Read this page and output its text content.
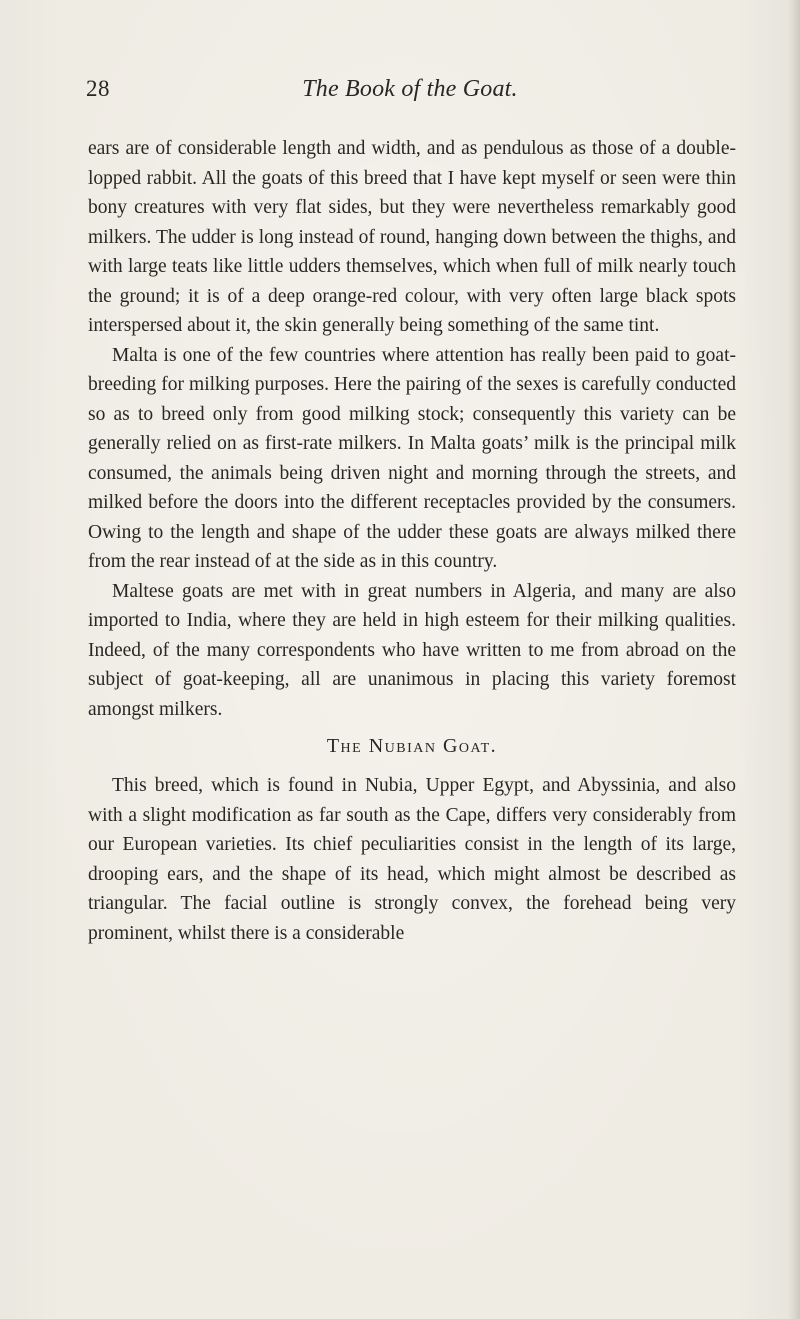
28	The Book of the Goat.

ears are of considerable length and width, and as pendulous as those of a double-lopped rabbit. All the goats of this breed that I have kept myself or seen were thin bony creatures with very flat sides, but they were nevertheless remarkably good milkers. The udder is long instead of round, hanging down between the thighs, and with large teats like little udders themselves, which when full of milk nearly touch the ground; it is of a deep orange-red colour, with very often large black spots interspersed about it, the skin generally being something of the same tint.

Malta is one of the few countries where attention has really been paid to goat-breeding for milking purposes. Here the pairing of the sexes is carefully conducted so as to breed only from good milking stock; consequently this variety can be generally relied on as first-rate milkers. In Malta goats’ milk is the principal milk consumed, the animals being driven night and morning through the streets, and milked before the doors into the different receptacles provided by the consumers. Owing to the length and shape of the udder these goats are always milked there from the rear instead of at the side as in this country.

Maltese goats are met with in great numbers in Algeria, and many are also imported to India, where they are held in high esteem for their milking qualities. Indeed, of the many correspondents who have written to me from abroad on the subject of goat-keeping, all are unanimous in placing this variety foremost amongst milkers.

The Nubian Goat.

This breed, which is found in Nubia, Upper Egypt, and Abyssinia, and also with a slight modification as far south as the Cape, differs very considerably from our European varieties. Its chief peculiarities consist in the length of its large, drooping ears, and the shape of its head, which might almost be described as triangular. The facial outline is strongly convex, the forehead being very prominent, whilst there is a considerable
